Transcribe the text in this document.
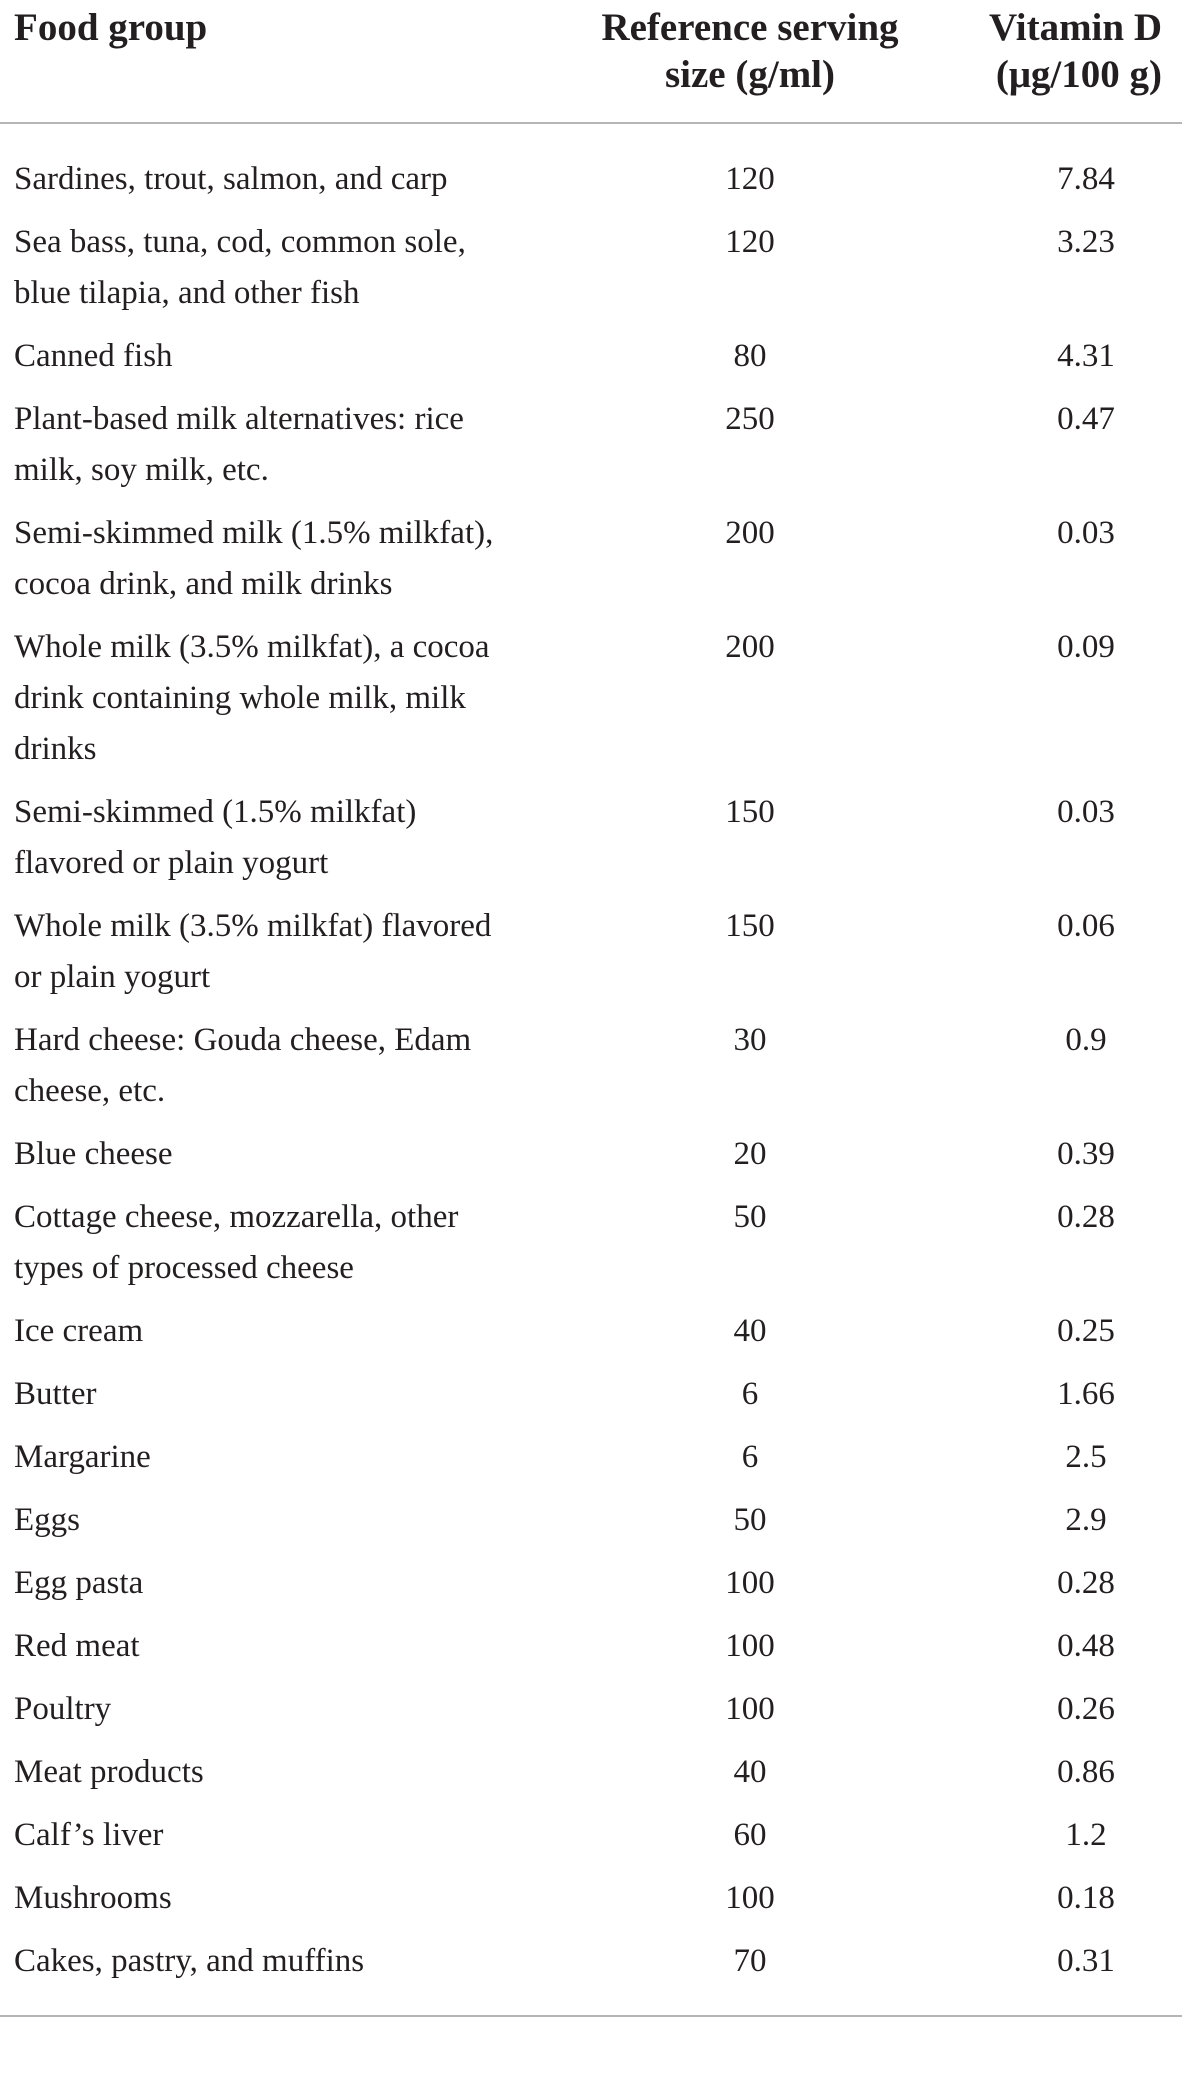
Food group	Reference serving size (g/ml)	Vitamin D (μg/100 g)
Sardines, trout, salmon, and carp	120	7.84
Sea bass, tuna, cod, common sole, blue tilapia, and other fish	120	3.23
Canned fish	80	4.31
Plant-based milk alternatives: rice milk, soy milk, etc.	250	0.47
Semi-skimmed milk (1.5% milkfat), cocoa drink, and milk drinks	200	0.03
Whole milk (3.5% milkfat), a cocoa drink containing whole milk, milk drinks	200	0.09
Semi-skimmed (1.5% milkfat) flavored or plain yogurt	150	0.03
Whole milk (3.5% milkfat) flavored or plain yogurt	150	0.06
Hard cheese: Gouda cheese, Edam cheese, etc.	30	0.9
Blue cheese	20	0.39
Cottage cheese, mozzarella, other types of processed cheese	50	0.28
Ice cream	40	0.25
Butter	6	1.66
Margarine	6	2.5
Eggs	50	2.9
Egg pasta	100	0.28
Red meat	100	0.48
Poultry	100	0.26
Meat products	40	0.86
Calf’s liver	60	1.2
Mushrooms	100	0.18
Cakes, pastry, and muffins	70	0.31
